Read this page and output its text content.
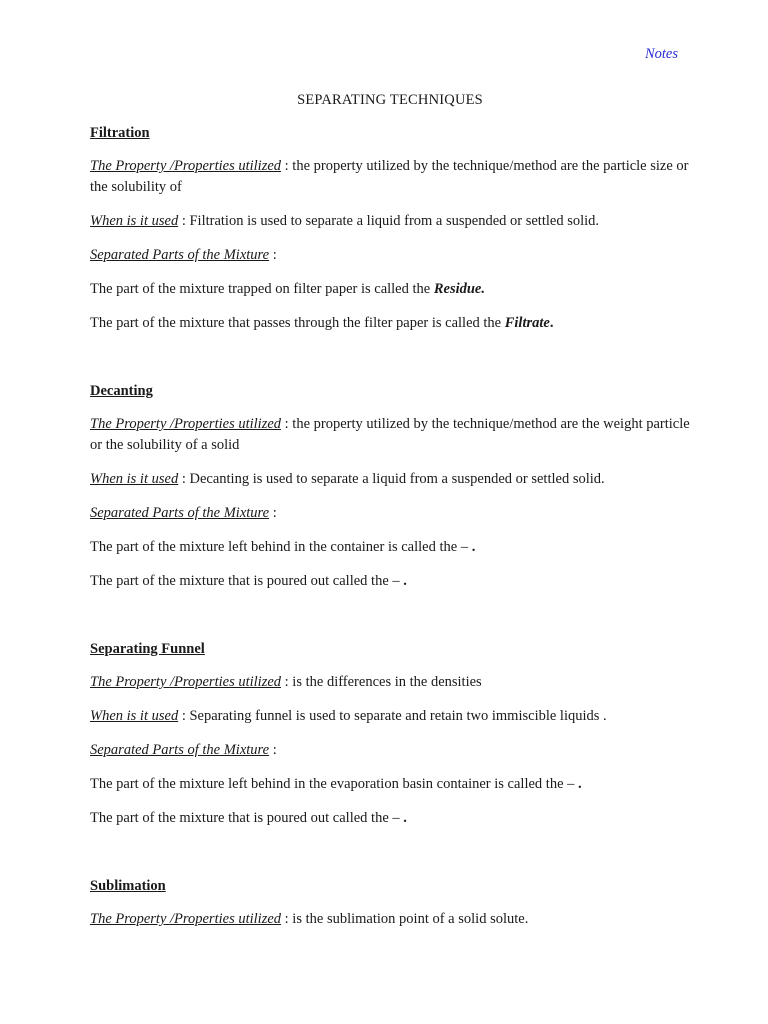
Notes
SEPARATING TECHNIQUES
Filtration

The Property /Properties utilized : the property utilized by the technique/method are the particle size or the solubility of

When is it used : Filtration is used to separate a liquid from a suspended or settled solid.

Separated Parts of the Mixture :

The part of the mixture trapped on filter paper is called the Residue.

The part of the mixture that passes through the filter paper is called the Filtrate.

Decanting

The Property /Properties utilized : the property utilized by the technique/method are the weight particle or the solubility of a solid

When is it used : Decanting is used to separate a liquid from a suspended or settled solid.

Separated Parts of the Mixture :

The part of the mixture left behind in the container is called the – .

The part of the mixture that is poured out called the – .

Separating Funnel

The Property /Properties utilized : is the differences in the densities

When is it used : Separating funnel is used to separate and retain two immiscible liquids .

Separated Parts of the Mixture :

The part of the mixture left behind in the evaporation basin container is called the – .

The part of the mixture that is poured out called the – .

Sublimation

The Property /Properties utilized : is the sublimation point of a solid solute.
